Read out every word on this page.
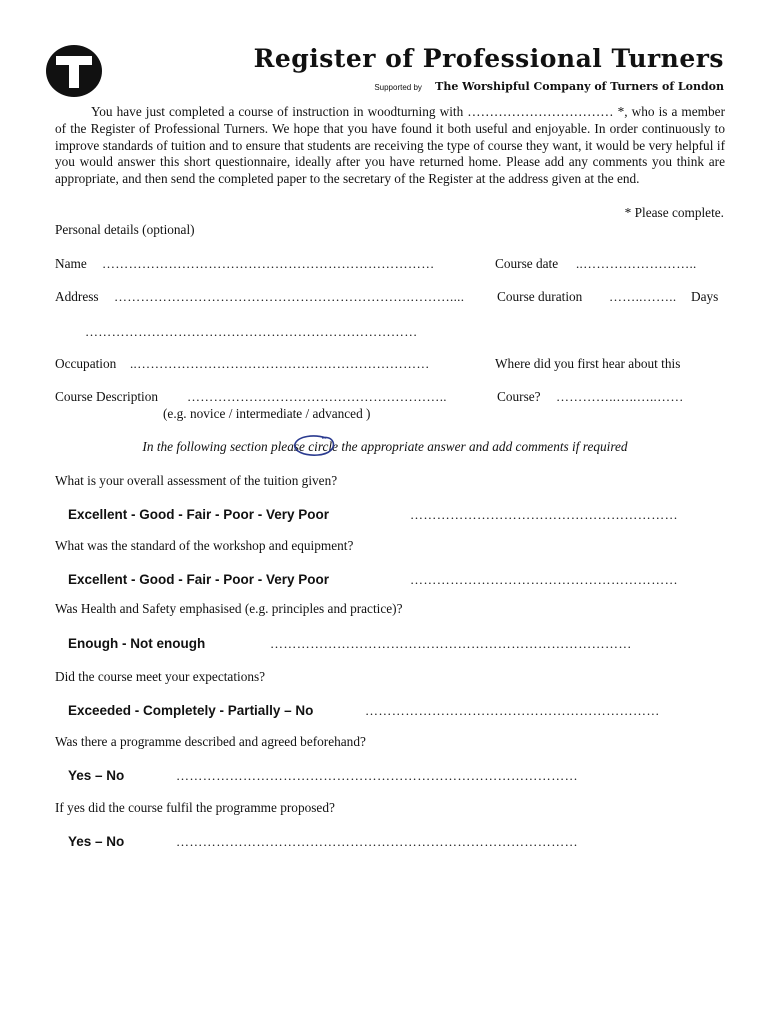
Register of Professional Turners
Supported by The Worshipful Company of Turners of London
You have just completed a course of instruction in woodturning with …………………………… *, who is a member of the Register of Professional Turners. We hope that you have found it both useful and enjoyable. In order continuously to improve standards of tuition and to ensure that students are receiving the type of course they want, it would be very helpful if you would answer this short questionnaire, ideally after you have returned home. Please add any comments you think are appropriate, and then send the completed paper to the secretary of the Register at the address given at the end.
* Please complete.
Personal details (optional)
Name …………………………………………………………………	Course date ..……………………..
Address ………………………………………………………….………....	Course duration ……..……..	Days
…………………………………………………………………
Occupation ..…………………………………………………………	Where did you first hear about this
Course Description …………………………………………………..	Course? …………..…..…..……
(e.g. novice / intermediate / advanced )
In the following section please circle the appropriate answer and add comments if required
What is your overall assessment of the tuition given?
Excellent - Good - Fair - Poor - Very Poor	……………………………………………………
What was the standard of the workshop and equipment?
Excellent - Good - Fair - Poor - Very Poor	……………………………………………………
Was Health and Safety emphasised (e.g. principles and practice)?
Enough - Not enough	………………………………………………………………………
Did the course meet your expectations?
Exceeded - Completely - Partially – No	…………………………………………………………
Was there a programme described and agreed beforehand?
Yes – No	………………………………………………………………………………
If yes did the course fulfil the programme proposed?
Yes – No	………………………………………………………………………………
